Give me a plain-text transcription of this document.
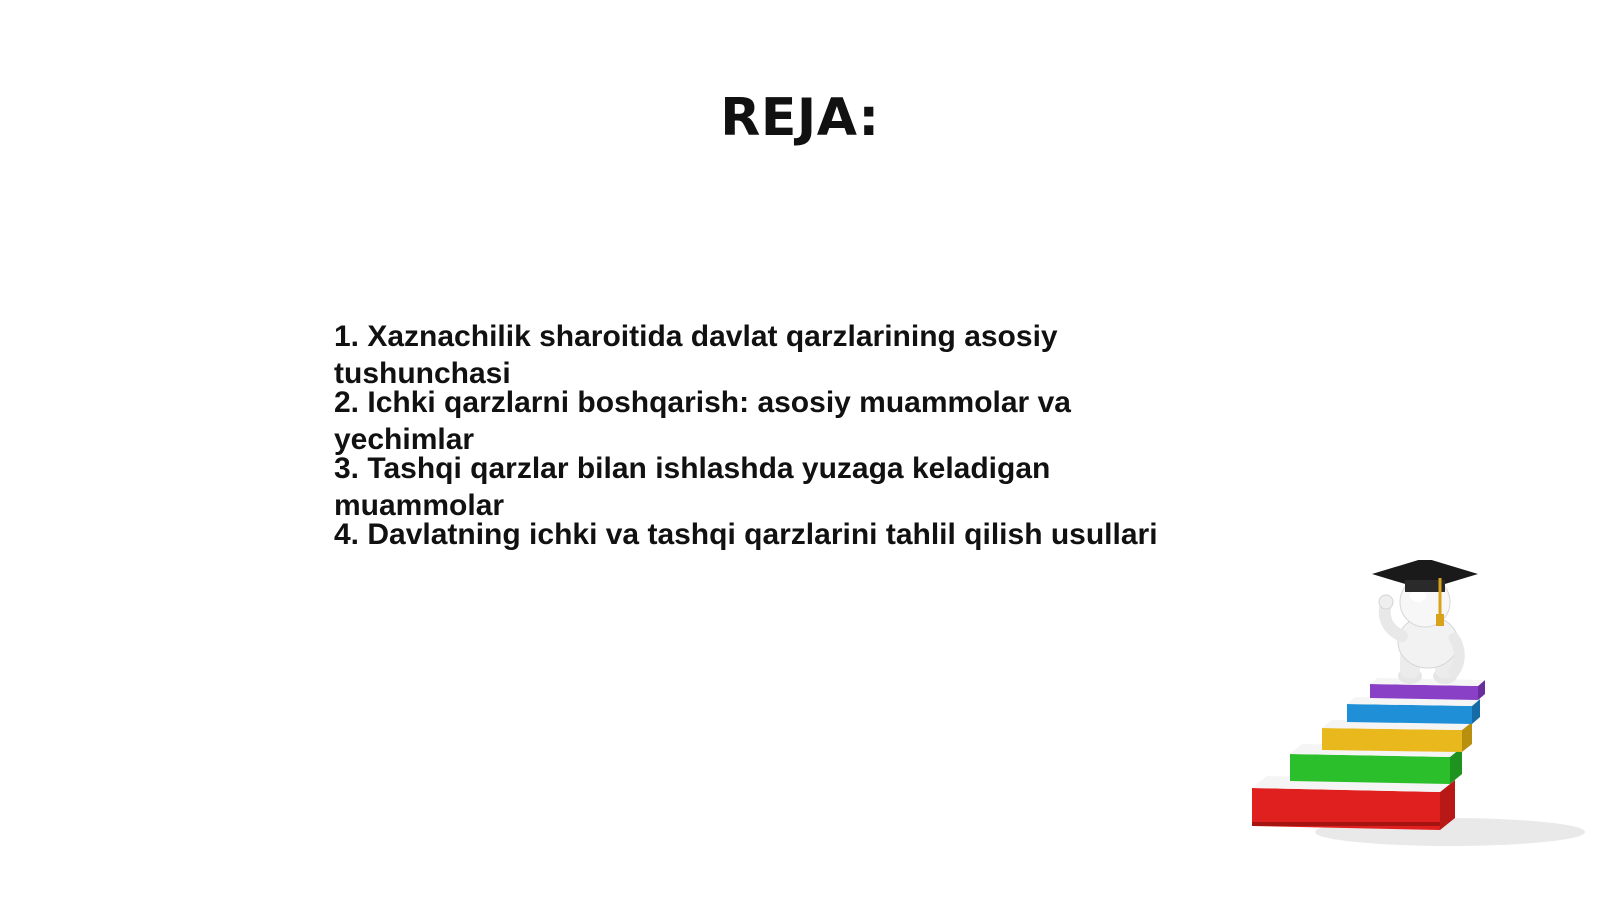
REJA:
1. Xaznachilik sharoitida davlat qarzlarining asosiy tushunchasi
2. Ichki qarzlarni boshqarish: asosiy muammolar va yechimlar
3. Tashqi qarzlar bilan ishlashda yuzaga keladigan muammolar
4. Davlatning ichki va tashqi qarzlarini tahlil qilish usullari
